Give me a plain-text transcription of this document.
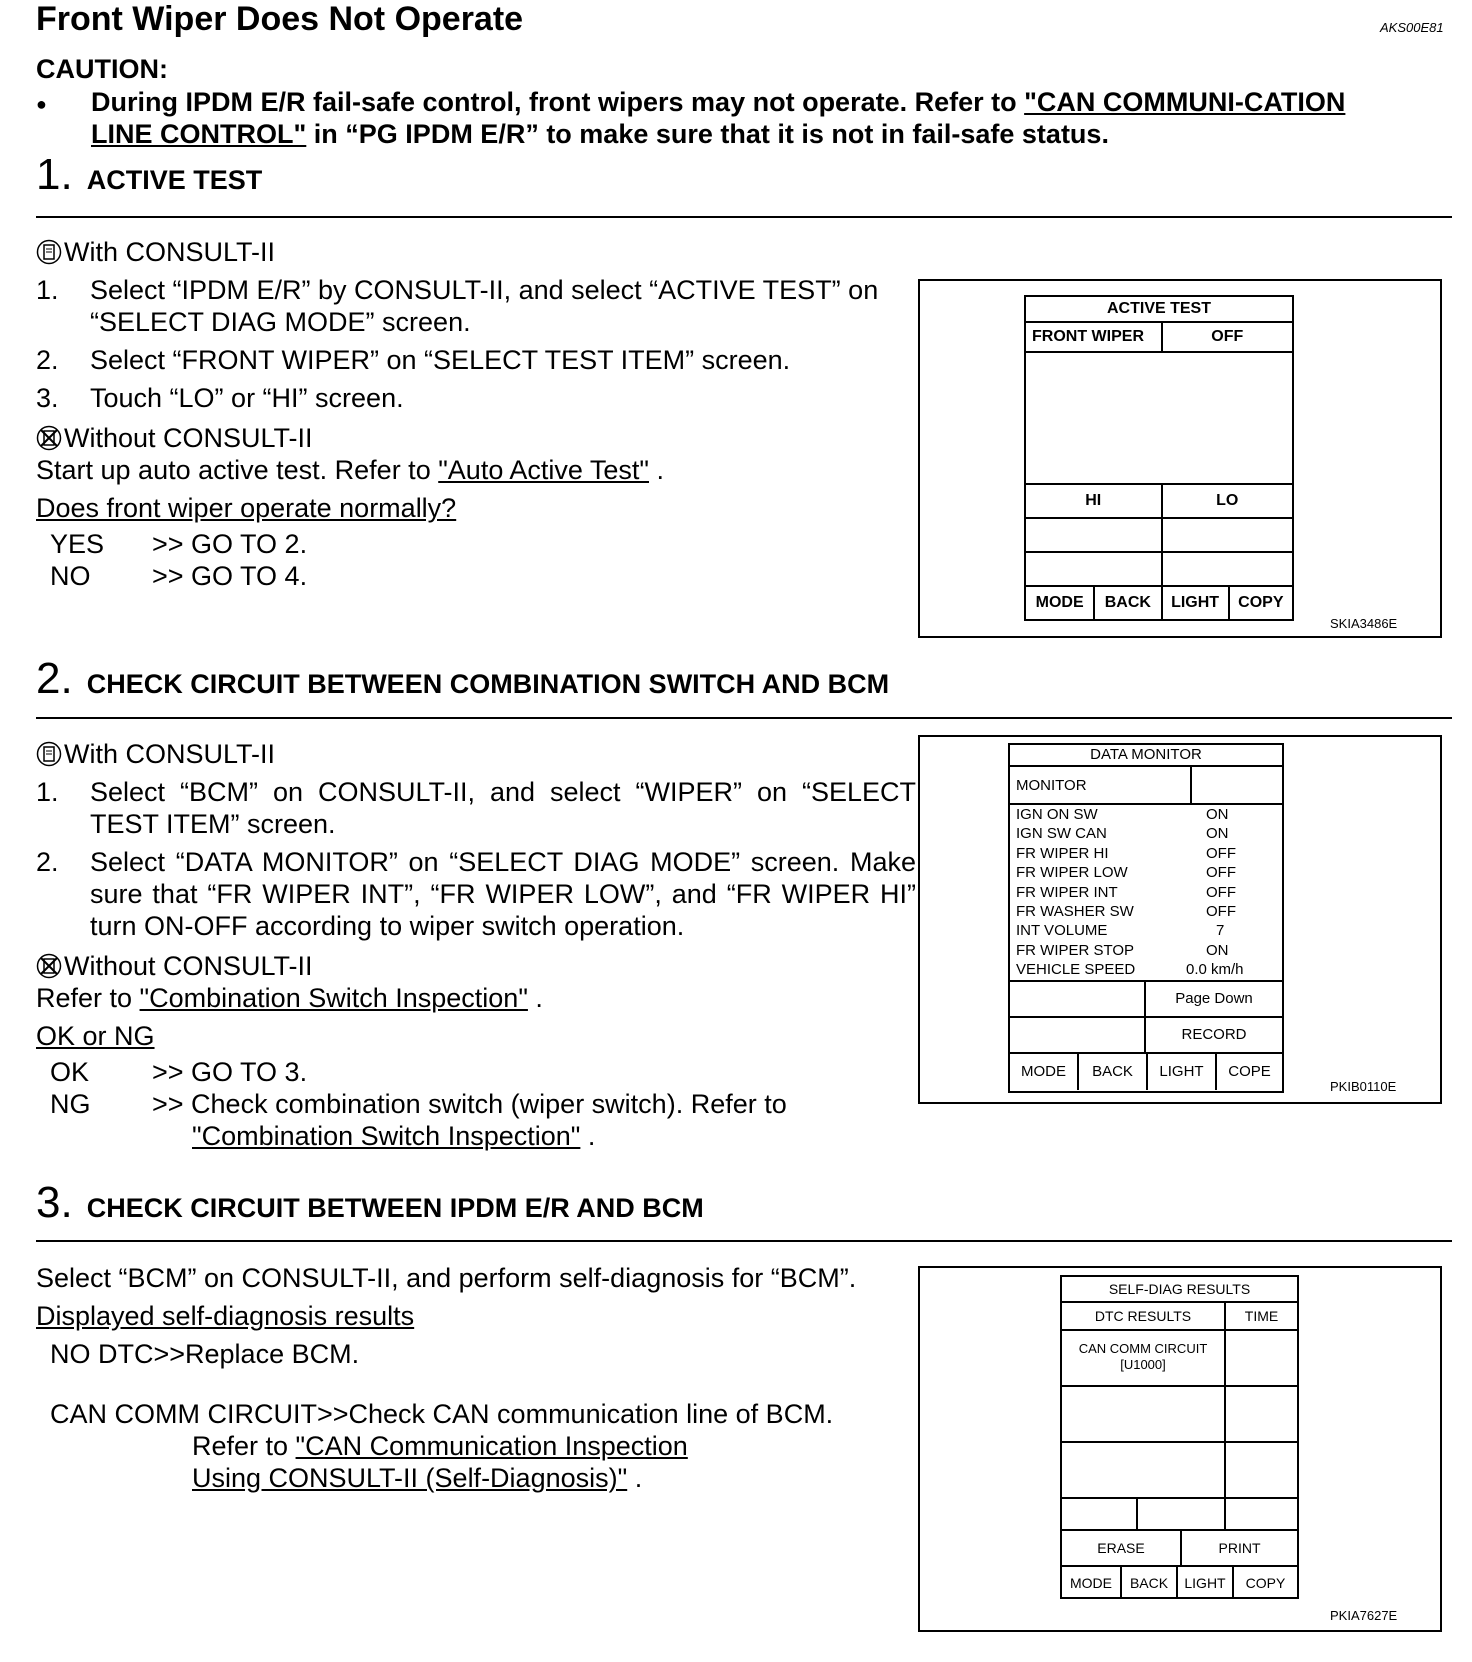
Front Wiper Does Not Operate	AKS00E81
CAUTION:
● During IPDM E/R fail-safe control, front wipers may not operate. Refer to "CAN COMMUNI-CATION LINE CONTROL" in “PG IPDM E/R” to make sure that it is not in fail-safe status.
1. ACTIVE TEST
With CONSULT-II
1.	Select “IPDM E/R” by CONSULT-II, and select “ACTIVE TEST” on “SELECT DIAG MODE” screen.
2.	Select “FRONT WIPER” on “SELECT TEST ITEM” screen.
3.	Touch “LO” or “HI” screen.
Without CONSULT-II
Start up auto active test. Refer to "Auto Active Test" .
Does front wiper operate normally?
YES	>> GO TO 2.
NO	>> GO TO 4.
ACTIVE TEST			
FRONT WIPER		OFF	

HI		LO	

MODE	BACK	LIGHT	COPY
SKIA3486E
2. CHECK CIRCUIT BETWEEN COMBINATION SWITCH AND BCM
With CONSULT-II
1.	Select “BCM” on CONSULT-II, and select “WIPER” on “SELECT TEST ITEM” screen.
2.	Select “DATA MONITOR” on “SELECT DIAG MODE” screen. Make sure that “FR WIPER INT”, “FR WIPER LOW”, and “FR WIPER HI” turn ON-OFF according to wiper switch operation.
Without CONSULT-II
Refer to "Combination Switch Inspection" .
OK or NG
OK	>> GO TO 3.
NG	>> Check combination switch (wiper switch). Refer to
"Combination Switch Inspection" .
DATA MONITOR
MONITOR
IGN ON SW	ON
IGN SW CAN	ON
FR WIPER HI	OFF
FR WIPER LOW	OFF
FR WIPER INT	OFF
FR WASHER SW	OFF
INT VOLUME	7
FR WIPER STOP	ON
VEHICLE SPEED	0.0 km/h
Page Down
RECORD
MODE	BACK	LIGHT	COPE
PKIB0110E
3. CHECK CIRCUIT BETWEEN IPDM E/R AND BCM
Select “BCM” on CONSULT-II, and perform self-diagnosis for “BCM”.
Displayed self-diagnosis results
NO DTC>>Replace BCM.
CAN COMM CIRCUIT>>Check CAN communication line of BCM.
Refer to "CAN Communication Inspection
Using CONSULT-II (Self-Diagnosis)" .
SELF-DIAG RESULTS
DTC RESULTS	TIME
CAN COMM CIRCUIT
[U1000]
ERASE	PRINT
MODE	BACK	LIGHT	COPY
PKIA7627E
